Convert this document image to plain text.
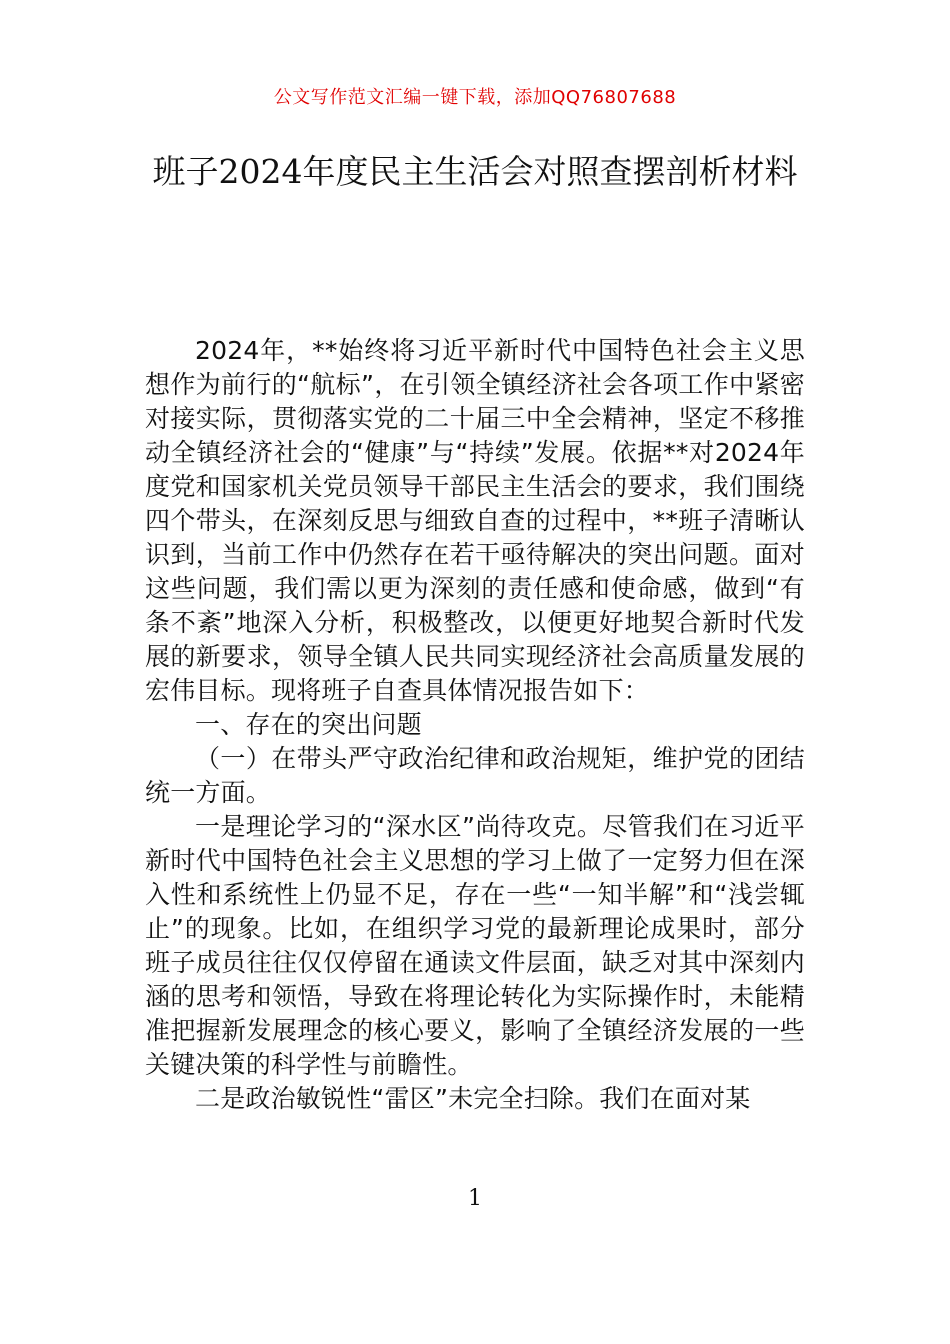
公文写作范文汇编一键下载，添加QQ76807688
班子2024年度民主生活会对照查摆剖析材料

2024年，**始终将习近平新时代中国特色社会主义思想作为前行的“航标”，在引领全镇经济社会各项工作中紧密对接实际，贯彻落实党的二十届三中全会精神，坚定不移推动全镇经济社会的“健康”与“持续”发展。依据**对2024年度党和国家机关党员领导干部民主生活会的要求，我们围绕四个带头，在深刻反思与细致自查的过程中，**班子清晰认识到，当前工作中仍然存在若干亟待解决的突出问题。面对这些问题，我们需以更为深刻的责任感和使命感，做到“有条不紊”地深入分析，积极整改，以便更好地契合新时代发展的新要求，领导全镇人民共同实现经济社会高质量发展的宏伟目标。现将班子自查具体情况报告如下：

一、存在的突出问题

（一）在带头严守政治纪律和政治规矩，维护党的团结统一方面。

一是理论学习的“深水区”尚待攻克。尽管我们在习近平新时代中国特色社会主义思想的学习上做了一定努力但在深入性和系统性上仍显不足，存在一些“一知半解”和“浅尝辄止”的现象。比如，在组织学习党的最新理论成果时，部分班子成员往往仅仅停留在通读文件层面，缺乏对其中深刻内涵的思考和领悟，导致在将理论转化为实际操作时，未能精准把握新发展理念的核心要义，影响了全镇经济发展的一些关键决策的科学性与前瞻性。

二是政治敏锐性“雷区”未完全扫除。我们在面对某

1
